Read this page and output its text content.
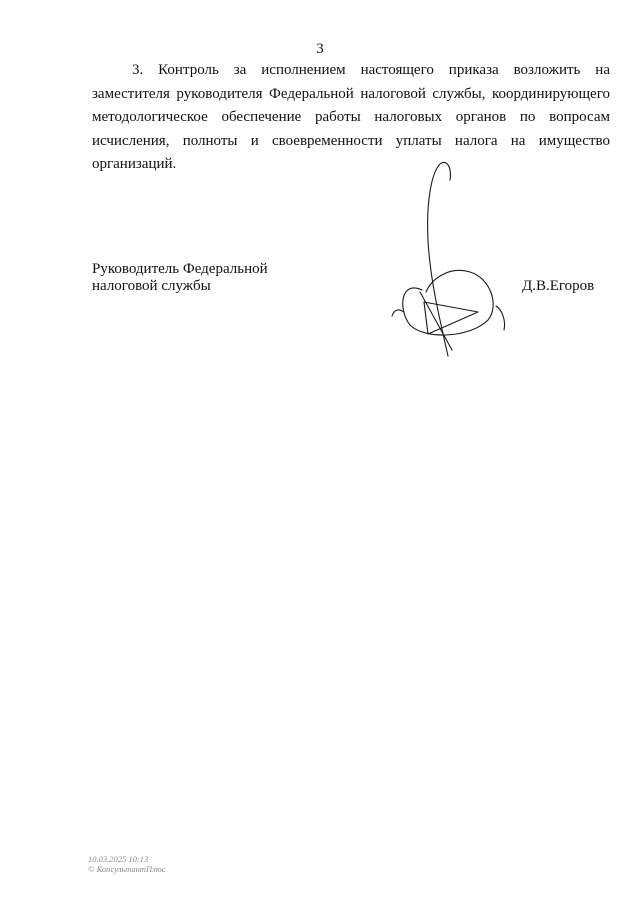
3

3. Контроль за исполнением настоящего приказа возложить на заместителя руководителя Федеральной налоговой службы, координирующего методологическое обеспечение работы налоговых органов по вопросам исчисления, полноты и своевременности уплаты налога на имущество организаций.

Руководитель Федеральной
налоговой службы	Д.В.Егоров
10.03.2025 10:13
© КонсультантПлюс
